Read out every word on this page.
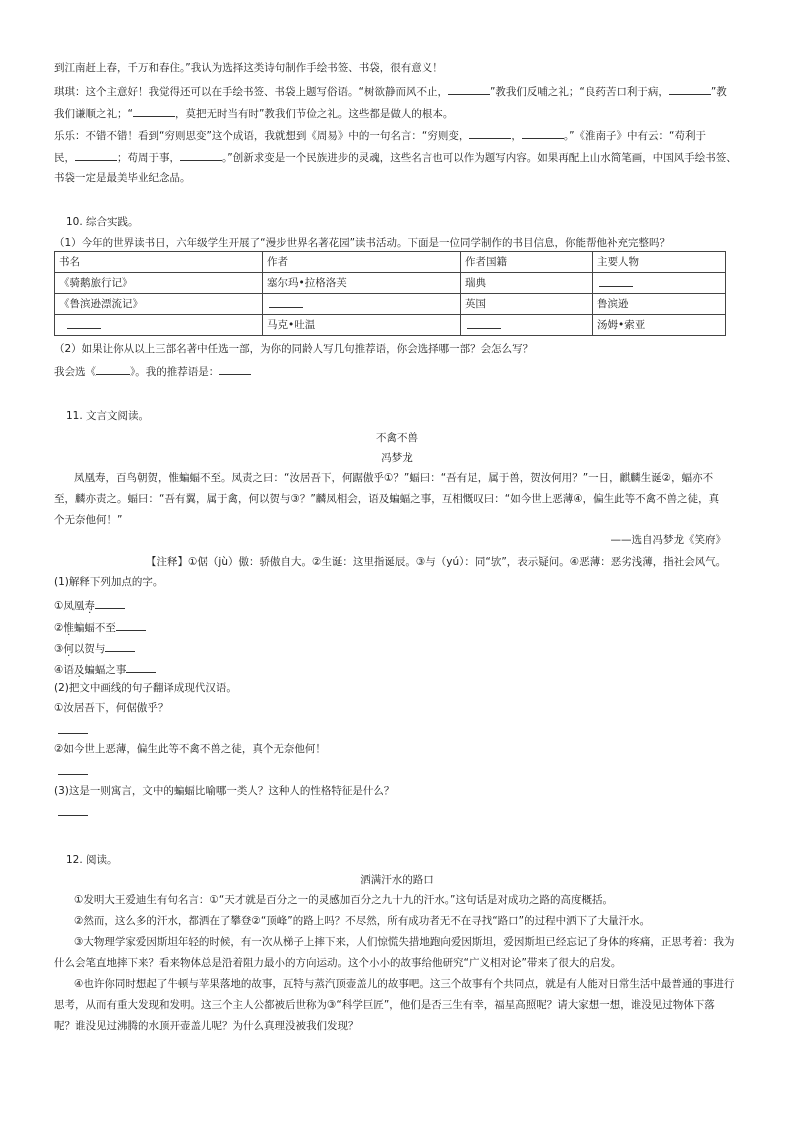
到江南赶上春，千万和春住。”我认为选择这类诗句制作手绘书签、书袋，很有意义！
琪琪：这个主意好！我觉得还可以在手绘书签、书袋上题写俗语。“树欲静而风不止，	”教我们反哺之礼；“良药苦口利于病，	”教
我们谦顺之礼；“	，莫把无时当有时”教我们节俭之礼。这些都是做人的根本。
乐乐：不错不错！看到“穷则思变”这个成语，我就想到《周易》中的一句名言：“穷则变，	，	。”《淮南子》中有云：“苟利于
民，	；苟周于事，	。”创新求变是一个民族进步的灵魂，这些名言也可以作为题写内容。如果再配上山水简笔画，中国风手绘书签、
书袋一定是最美毕业纪念品。
10. 综合实践。
（1）今年的世界读书日，六年级学生开展了“漫步世界名著花园”读书活动。下面是一位同学制作的书目信息，你能帮他补充完整吗？
书名	作者	作者国籍	主要人物
《骑鹅旅行记》	塞尔玛•拉格洛芙	瑞典	
《鲁滨逊漂流记》		英国	鲁滨逊
	马克•吐温		汤姆•索亚
（2）如果让你从以上三部名著中任选一部，为你的同龄人写几句推荐语，你会选择哪一部？会怎么写？
我会选《	》。我的推荐语是：
11. 文言文阅读。
不禽不兽
冯梦龙
凤凰寿，百鸟朝贺，惟蝙蝠不至。凤责之曰：“汝居吾下，何踞傲乎①？”蝠曰：“吾有足，属于兽，贺汝何用？”一日，麒麟生诞②，蝠亦不
至，麟亦责之。蝠曰：“吾有翼，属于禽，何以贺与③？”麟凤相会，语及蝙蝠之事，互相慨叹曰：“如今世上恶薄④，偏生此等不禽不兽之徒，真
个无奈他何！”
——选自冯梦龙《笑府》
【注释】①倨（jù）傲：骄傲自大。②生诞：这里指诞辰。③与（yú）：同“欤”，表示疑问。④恶薄：恶劣浅薄，指社会风气。
(1)解释下列加点的字。
①凤凰寿
②惟蝙蝠不至
③何以贺与
④语及蝙蝠之事
(2)把文中画线的句子翻译成现代汉语。
①汝居吾下，何倨傲乎？
②如今世上恶薄，偏生此等不禽不兽之徒，真个无奈他何！
(3)这是一则寓言，文中的蝙蝠比喻哪一类人？这种人的性格特征是什么？
12. 阅读。
洒满汗水的路口
①发明大王爱迪生有句名言：①“天才就是百分之一的灵感加百分之九十九的汗水。”这句话是对成功之路的高度概括。
②然而，这么多的汗水，都洒在了攀登②“顶峰”的路上吗？不尽然，所有成功者无不在寻找“路口”的过程中洒下了大量汗水。
③大物理学家爱因斯坦年轻的时候，有一次从梯子上摔下来，人们惊慌失措地跑向爱因斯坦，爱因斯坦已经忘记了身体的疼痛，正思考着：我为
什么会笔直地摔下来？看来物体总是沿着阻力最小的方向运动。这个小小的故事给他研究“广义相对论”带来了很大的启发。
④也许你同时想起了牛顿与苹果落地的故事，瓦特与蒸汽顶壶盖儿的故事吧。这三个故事有个共同点，就是有人能对日常生活中最普通的事进行
思考，从而有重大发现和发明。这三个主人公都被后世称为③“科学巨匠”，他们是否三生有幸，福星高照呢？请大家想一想，谁没见过物体下落
呢？谁没见过沸腾的水顶开壶盖儿呢？为什么真理没被我们发现？
